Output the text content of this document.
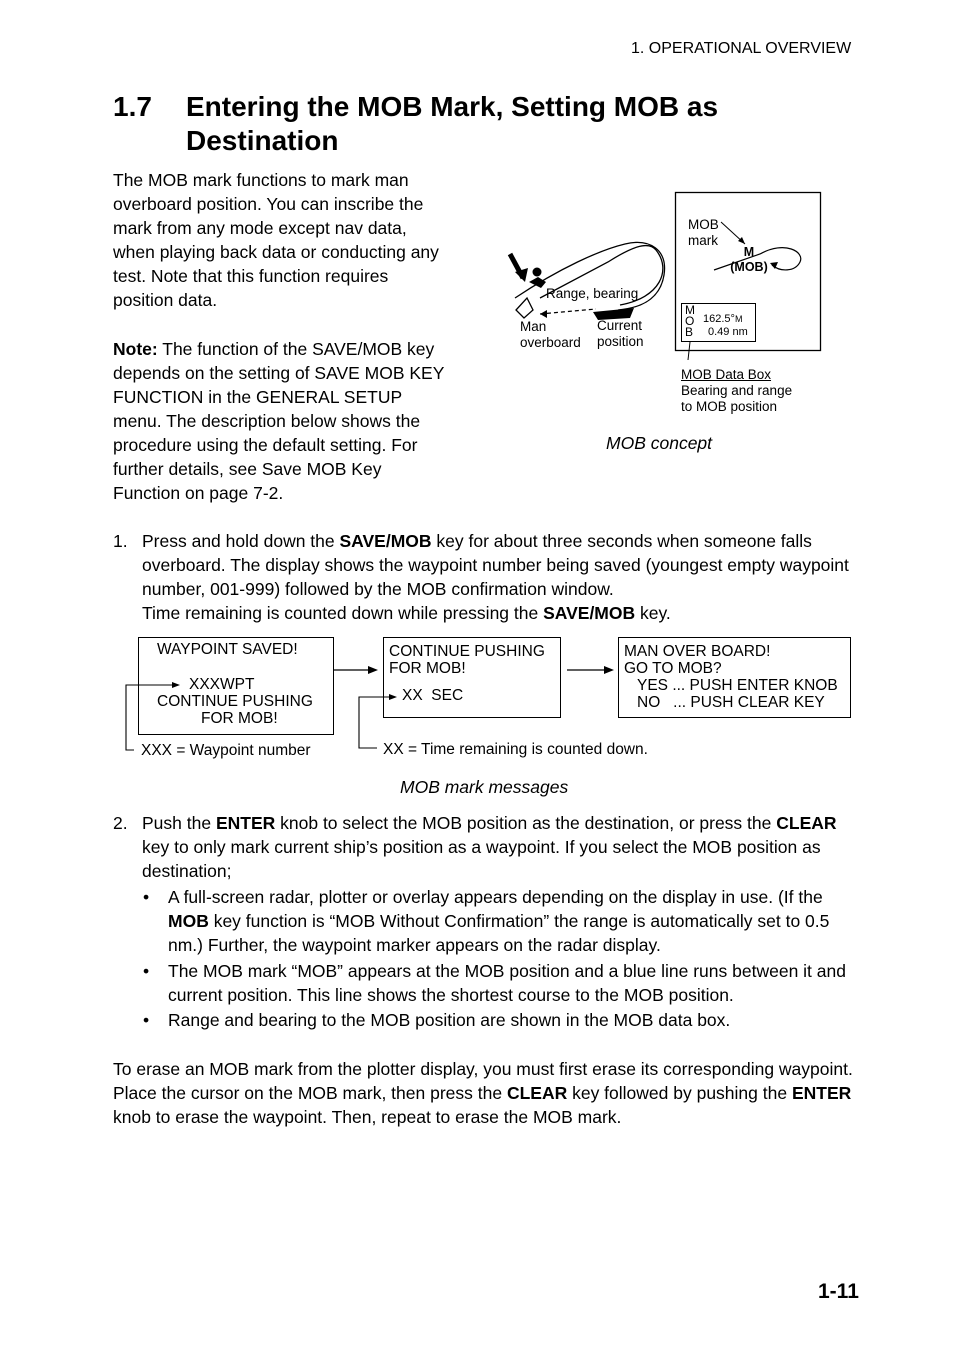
1. OPERATIONAL OVERVIEW
1.7 Entering the MOB Mark, Setting MOB as Destination
The MOB mark functions to mark man overboard position. You can inscribe the mark from any mode except nav data, when playing back data or conducting any test. Note that this function requires position data.
Note: The function of the SAVE/MOB key depends on the setting of SAVE MOB KEY FUNCTION in the GENERAL SETUP menu. The description below shows the procedure using the default setting. For further details, see Save MOB Key Function on page 7-2.
Range, bearing
Man
overboard
Current
position
MOB
mark
M
(MOB)
M
O
B
162.5°M
0.49 nm
MOB Data Box
Bearing and range
to MOB position
MOB concept
1. Press and hold down the SAVE/MOB key for about three seconds when someone falls overboard. The display shows the waypoint number being saved (youngest empty waypoint number, 001-999) followed by the MOB confirmation window.
Time remaining is counted down while pressing the SAVE/MOB key.
WAYPOINT SAVED!
XXXWPT
CONTINUE PUSHING
FOR MOB!
CONTINUE PUSHING
FOR MOB!
XX  SEC
MAN OVER BOARD!
GO TO MOB?
YES ... PUSH ENTER KNOB
NO   ... PUSH CLEAR KEY
XXX = Waypoint number	XX = Time remaining is counted down.
MOB mark messages
2. Push the ENTER knob to select the MOB position as the destination, or press the CLEAR key to only mark current ship’s position as a waypoint. If you select the MOB position as destination;
• A full-screen radar, plotter or overlay appears depending on the display in use. (If the MOB key function is “MOB Without Confirmation” the range is automatically set to 0.5 nm.) Further, the waypoint marker appears on the radar display.
• The MOB mark “MOB” appears at the MOB position and a blue line runs between it and current position. This line shows the shortest course to the MOB position.
• Range and bearing to the MOB position are shown in the MOB data box.
To erase an MOB mark from the plotter display, you must first erase its corresponding waypoint. Place the cursor on the MOB mark, then press the CLEAR key followed by pushing the ENTER knob to erase the waypoint. Then, repeat to erase the MOB mark.
1-11
